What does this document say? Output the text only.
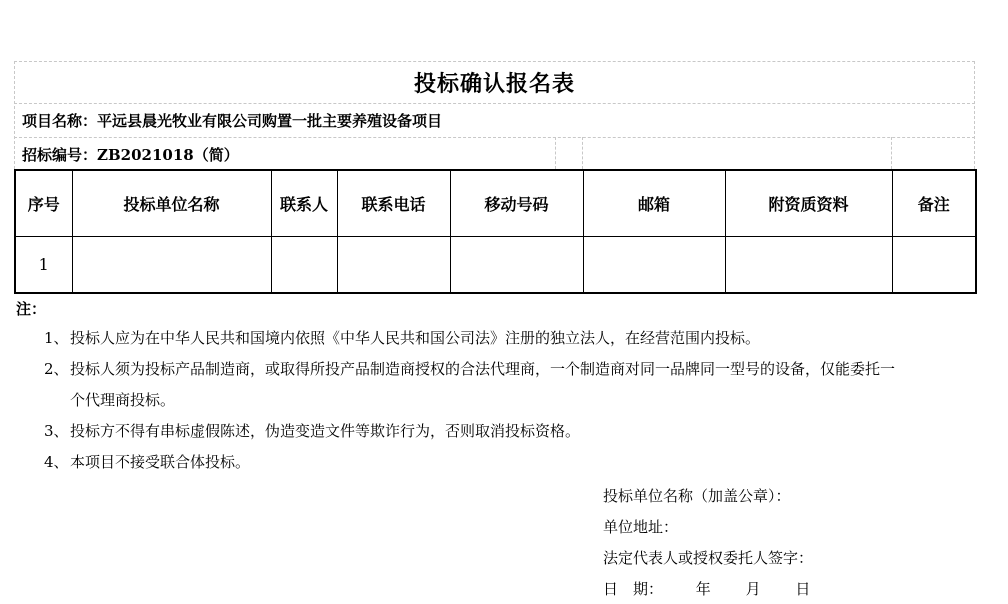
投标确认报名表
项目名称：平远县晨光牧业有限公司购置一批主要养殖设备项目
招标编号：ZB2021018（简）
序号	投标单位名称	联系人	联系电话	移动号码	邮箱	附资质资料	备注
1							
注：
1、投标人应为在中华人民共和国境内依照《中华人民共和国公司法》注册的独立法人，在经营范围内投标。
2、投标人须为投标产品制造商，或取得所投产品制造商授权的合法代理商，一个制造商对同一品牌同一型号的设备，仅能委托一
个代理商投标。
3、投标方不得有串标虚假陈述，伪造变造文件等欺诈行为，否则取消投标资格。
4、本项目不接受联合体投标。
投标单位名称（加盖公章）：
单位地址：
法定代表人或授权委托人签字：
日　期： 年 月 日
